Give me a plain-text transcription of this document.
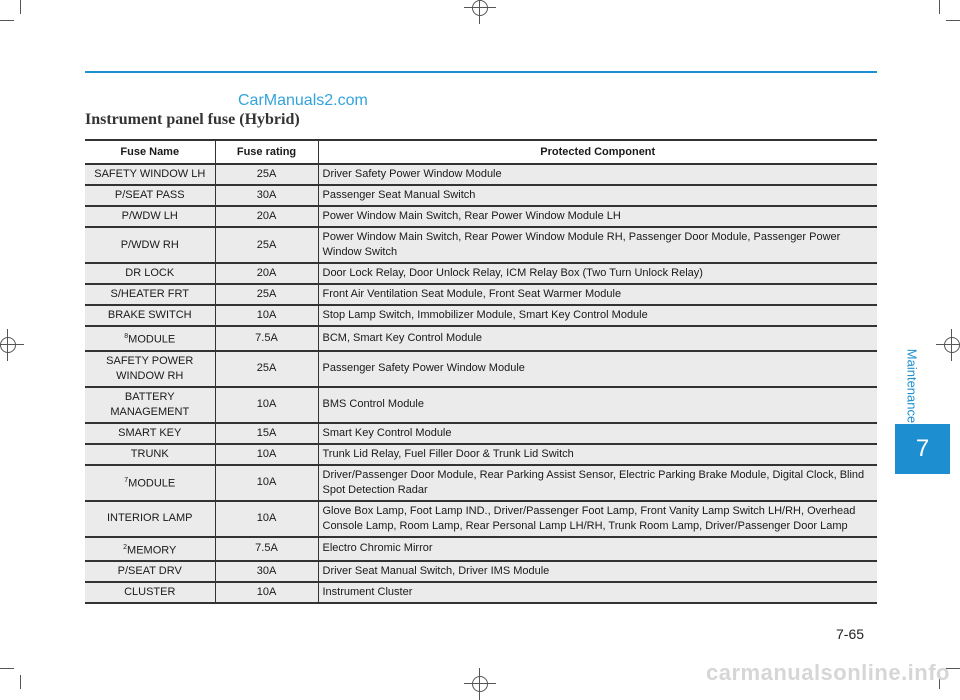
CarManuals2.com
Instrument panel fuse (Hybrid)
Maintenance
7
Fuse Name	Fuse rating	Protected Component
SAFETY WINDOW LH	25A	Driver Safety Power Window Module
P/SEAT PASS	30A	Passenger Seat Manual Switch
P/WDW LH	20A	Power Window Main Switch, Rear Power Window Module LH
P/WDW RH	25A	Power Window Main Switch, Rear Power Window Module RH, Passenger Door Module, Passenger Power Window Switch
DR LOCK	20A	Door Lock Relay, Door Unlock Relay, ICM Relay Box (Two Turn Unlock Relay)
S/HEATER FRT	25A	Front Air Ventilation Seat Module, Front Seat Warmer Module
BRAKE SWITCH	10A	Stop Lamp Switch, Immobilizer Module, Smart Key Control Module
$^8$MODULE	7.5A	BCM, Smart Key Control Module
SAFETY POWER WINDOW RH	25A	Passenger Safety Power Window Module
BATTERY MANAGEMENT	10A	BMS Control Module
SMART KEY	15A	Smart Key Control Module
TRUNK	10A	Trunk Lid Relay, Fuel Filler Door & Trunk Lid Switch
$^7$MODULE	10A	Driver/Passenger Door Module, Rear Parking Assist Sensor, Electric Parking Brake Module, Digital Clock, Blind Spot Detection Radar
INTERIOR LAMP	10A	Glove Box Lamp, Foot Lamp IND., Driver/Passenger Foot Lamp, Front Vanity Lamp Switch LH/RH, Overhead Console Lamp, Room Lamp, Rear Personal Lamp LH/RH, Trunk Room Lamp, Driver/Passenger Door Lamp
$^2$MEMORY	7.5A	Electro Chromic Mirror
P/SEAT DRV	30A	Driver Seat Manual Switch, Driver IMS Module
CLUSTER	10A	Instrument Cluster
7-65
carmanualsonline.info
